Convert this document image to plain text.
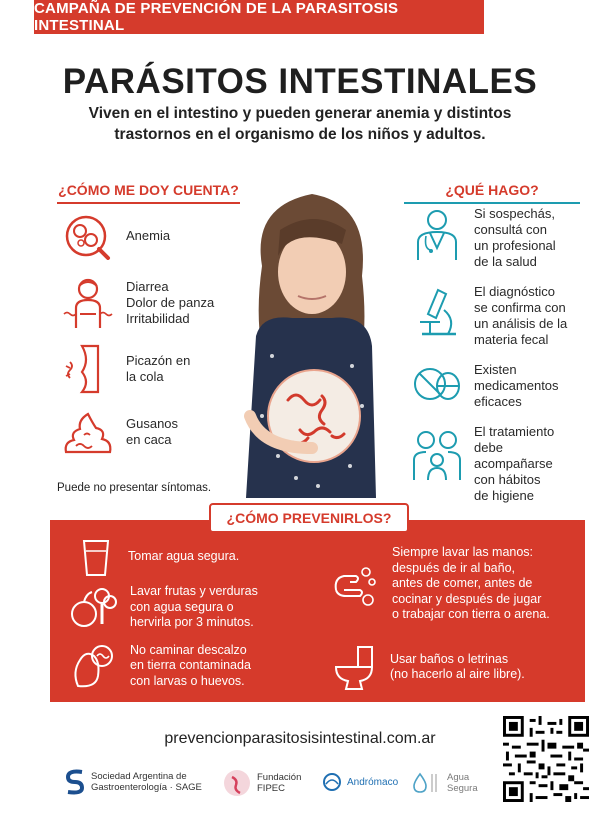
CAMPAÑA DE PREVENCIÓN DE LA PARASITOSIS INTESTINAL
PARÁSITOS INTESTINALES
Viven en el intestino y pueden generar anemia y distintos
trastornos en el organismo de los niños y adultos.
¿CÓMO ME DOY CUENTA?
Anemia
Diarrea
Dolor de panza
Irritabilidad
Picazón en
la cola
Gusanos
en caca
Puede no presentar síntomas.
¿QUÉ HAGO?
Si sospechás,
consultá con
un profesional
de la salud
El diagnóstico
se confirma con
un análisis de la
materia fecal
Existen
medicamentos
eficaces
El tratamiento
debe
acompañarse
con hábitos
de higiene
¿CÓMO PREVENIRLOS?
Tomar agua segura.
Lavar frutas y verduras
con agua segura o
hervirla por 3 minutos.
No caminar descalzo
en tierra contaminada
con larvas o huevos.
Siempre lavar las manos:
después de ir al baño,
antes de comer, antes de
cocinar y después de jugar
o trabajar con tierra o arena.
Usar baños o letrinas
(no hacerlo al aire libre).
prevencionparasitosisintestinal.com.ar
Sociedad Argentina de
Gastroenterología · SAGE
Fundación
FIPEC
Andrómaco	Agua
Segura
